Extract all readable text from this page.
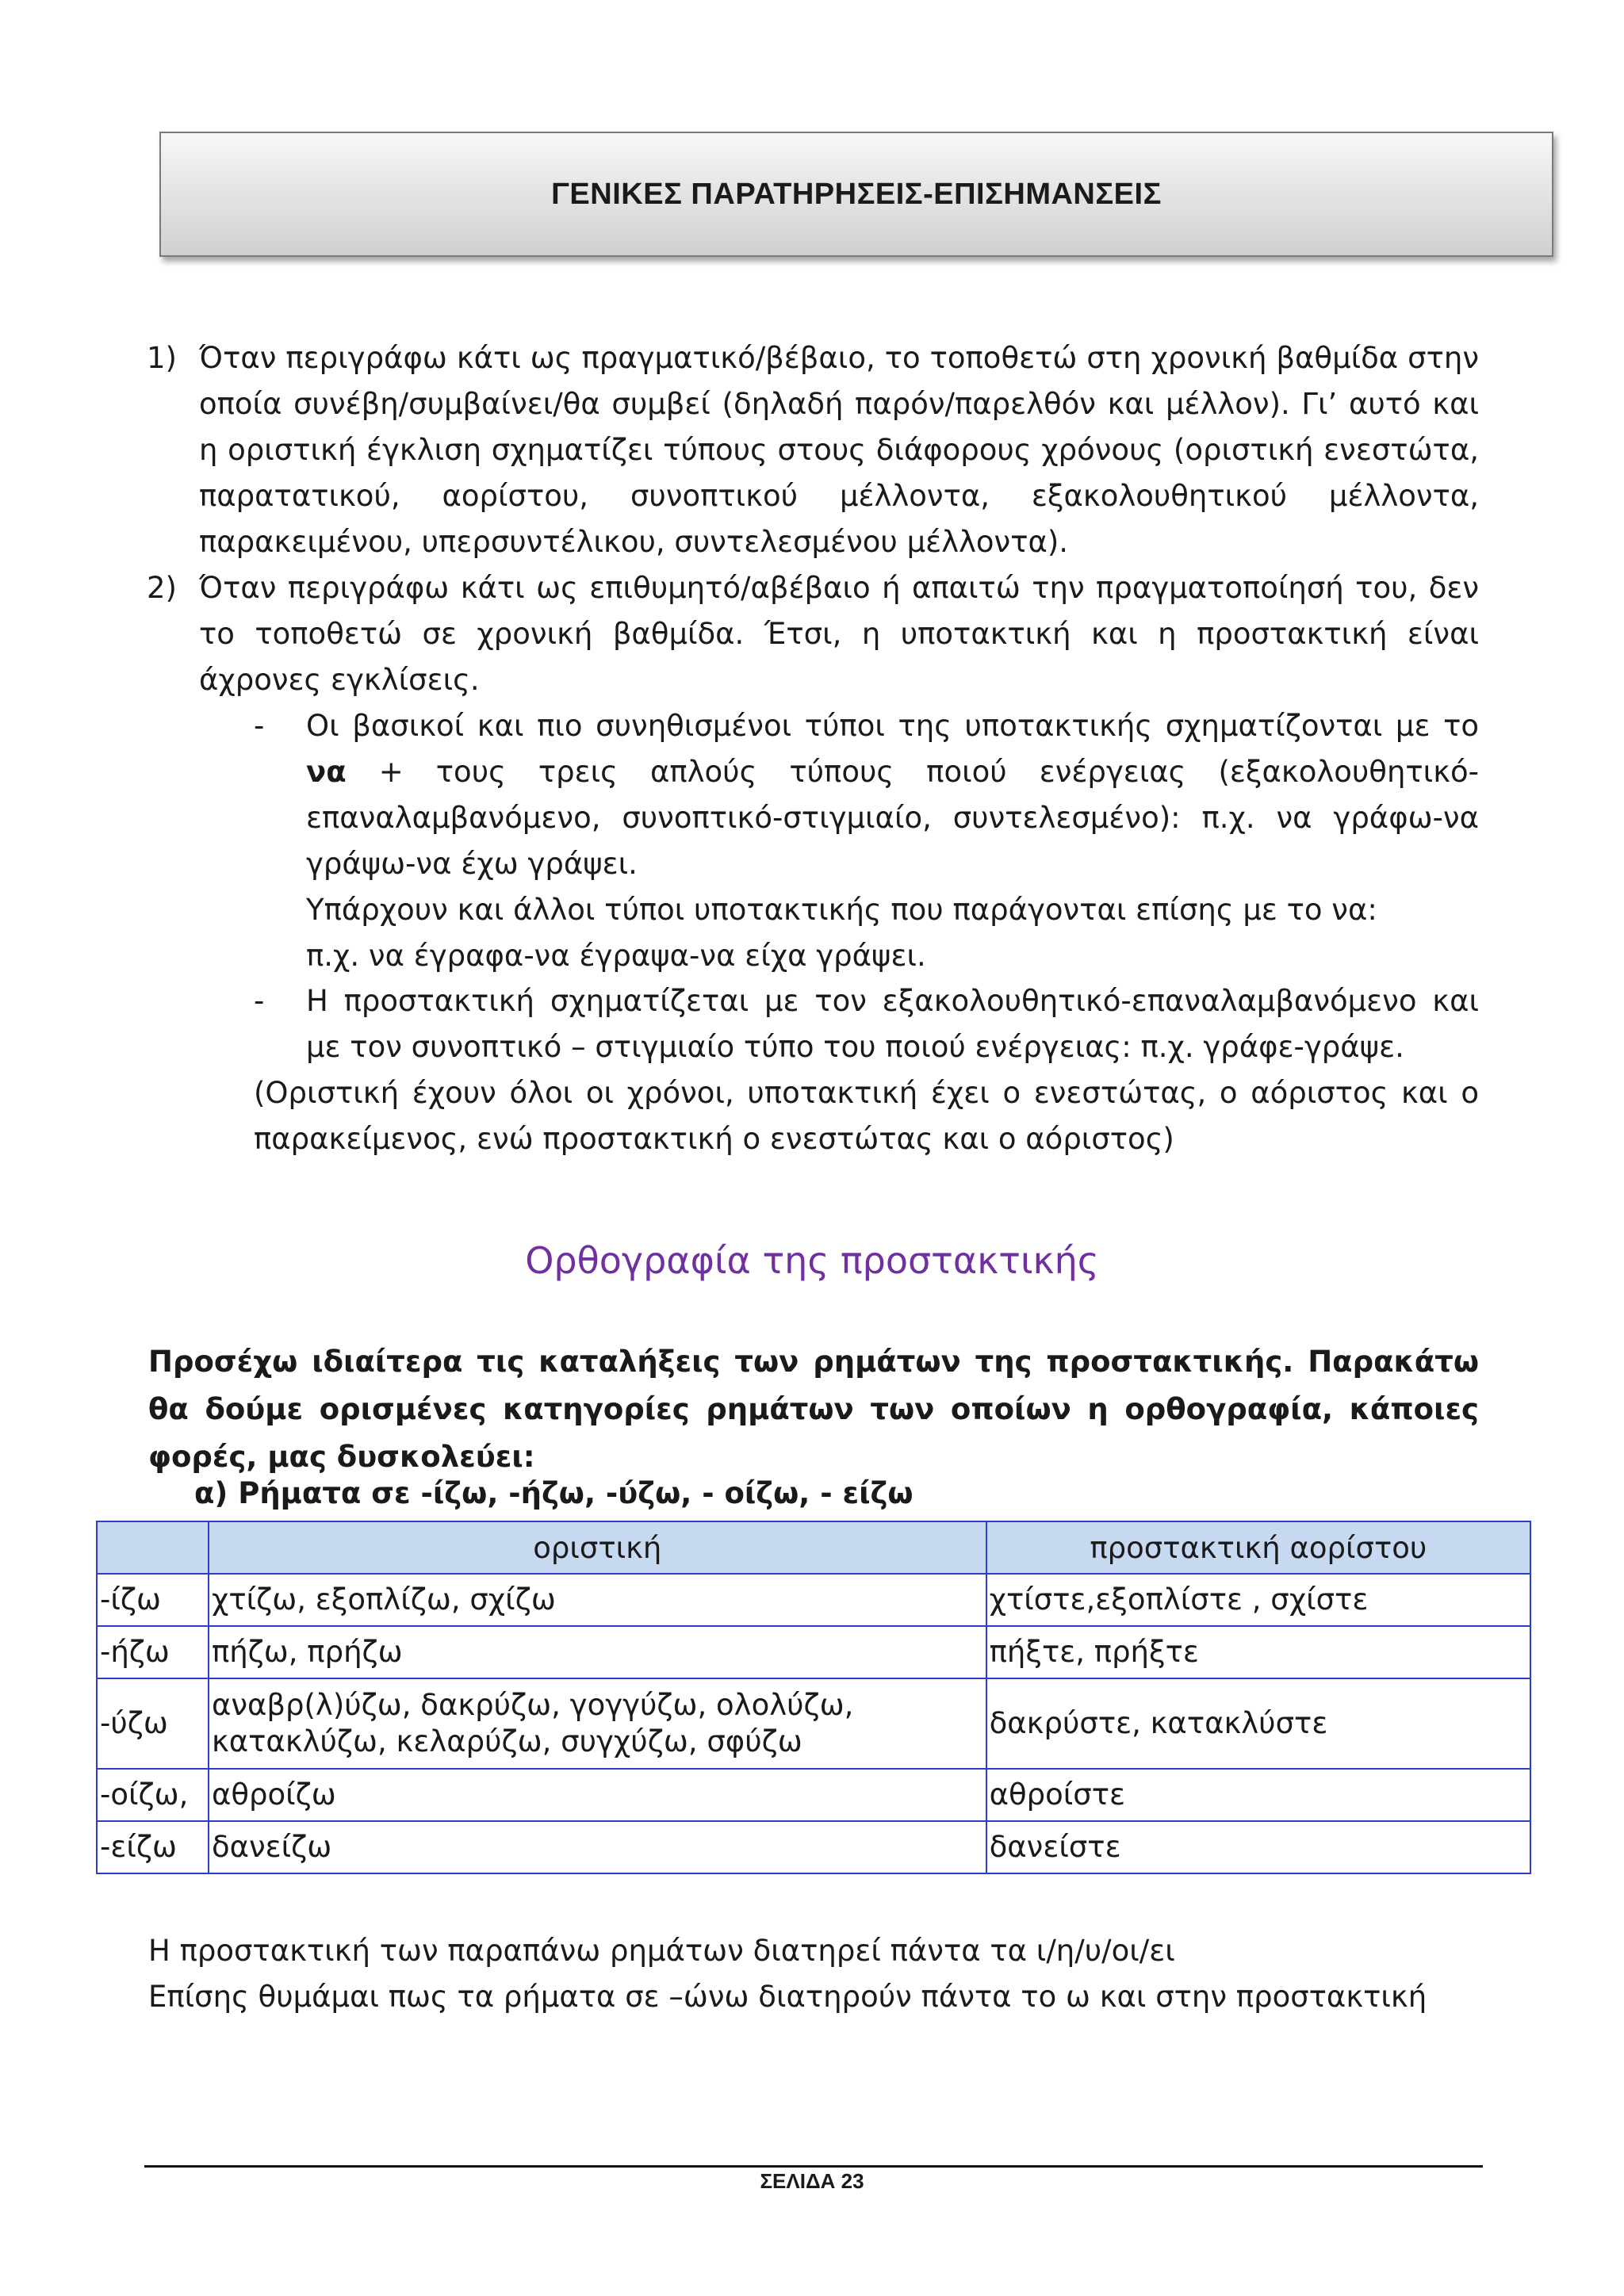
ΓΕΝΙΚΕΣ ΠΑΡΑΤΗΡΗΣΕΙΣ-ΕΠΙΣΗΜΑΝΣΕΙΣ
1) Όταν περιγράφω κάτι ως πραγματικό/βέβαιο, το τοποθετώ στη χρονική βαθμίδα στην οποία συνέβη/συμβαίνει/θα συμβεί (δηλαδή παρόν/παρελθόν και μέλλον). Γι’ αυτό και η οριστική έγκλιση σχηματίζει τύπους στους διάφορους χρόνους (οριστική ενεστώτα, παρατατικού, αορίστου, συνοπτικού μέλλοντα, εξακολουθητικού μέλλοντα, παρακειμένου, υπερσυντέλικου, συντελεσμένου μέλλοντα).
2) Όταν περιγράφω κάτι ως επιθυμητό/αβέβαιο ή απαιτώ την πραγματοποίησή του, δεν το τοποθετώ σε χρονική βαθμίδα. Έτσι, η υποτακτική και η προστακτική είναι άχρονες εγκλίσεις.
- Οι βασικοί και πιο συνηθισμένοι τύποι της υποτακτικής σχηματίζονται με το να + τους τρεις απλούς τύπους ποιού ενέργειας (εξακολουθητικό-επαναλαμβανόμενο, συνοπτικό-στιγμιαίο, συντελεσμένο): π.χ. να γράφω-να γράψω-να έχω γράψει.

Υπάρχουν και άλλοι τύποι υποτακτικής που παράγονται επίσης με το να:

π.χ. να έγραφα-να έγραψα-να είχα γράψει.

- Η προστακτική σχηματίζεται με τον εξακολουθητικό-επαναλαμβανόμενο και με τον συνοπτικό – στιγμιαίο τύπο του ποιού ενέργειας: π.χ. γράφε-γράψε.
(Οριστική έχουν όλοι οι χρόνοι, υποτακτική έχει ο ενεστώτας, ο αόριστος και ο παρακείμενος, ενώ προστακτική ο ενεστώτας και ο αόριστος)
Ορθογραφία της προστακτικής
Προσέχω ιδιαίτερα τις καταλήξεις των ρημάτων της προστακτικής. Παρακάτω θα δούμε ορισμένες κατηγορίες ρημάτων των οποίων η ορθογραφία, κάποιες φορές, μας δυσκολεύει:
α) Ρήματα σε -ίζω, -ήζω, -ύζω, - οίζω, - είζω
	οριστική	προστακτική αορίστου
-ίζω	χτίζω, εξοπλίζω, σχίζω	χτίστε,εξοπλίστε , σχίστε
-ήζω	πήζω, πρήζω	πήξτε, πρήξτε
-ύζω	αναβρ(λ)ύζω, δακρύζω, γογγύζω, ολολύζω,
κατακλύζω, κελαρύζω, συγχύζω, σφύζω	δακρύστε, κατακλύστε
-οίζω,	αθροίζω	αθροίστε
-είζω	δανείζω	δανείστε
Η προστακτική των παραπάνω ρημάτων διατηρεί πάντα τα ι/η/υ/οι/ει
Επίσης θυμάμαι πως τα ρήματα σε –ώνω διατηρούν πάντα το ω και στην προστακτική
ΣΕΛΙΔΑ 23
